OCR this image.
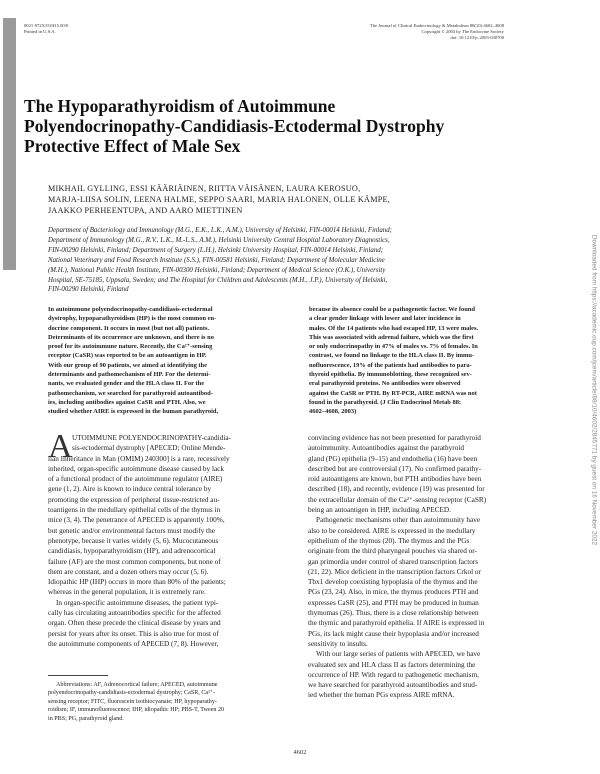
0021-972X/03/$15.00/0
Printed in U.S.A.
The Journal of Clinical Endocrinology & Metabolism 88(10):4602–4608
Copyright © 2003 by The Endocrine Society
doi: 10.1210/jc.2003-030700
The Hypoparathyroidism of Autoimmune
Polyendocrinopathy-Candidiasis-Ectodermal Dystrophy
Protective Effect of Male Sex
MIKHAIL GYLLING, ESSI KÄÄRIÄINEN, RIITTA VÄISÄNEN, LAURA KEROSUO,
MARJA-LIISA SOLIN, LEENA HALME, SEPPO SAARI, MARIA HALONEN, OLLE KÄMPE,
JAAKKO PERHEENTUPA, AND AARO MIETTINEN
Department of Bacteriology and Immunology (M.G., E.K., L.K., A.M.), University of Helsinki, FIN-00014 Helsinki, Finland;
Department of Immunology (M.G., R.V., L.K., M.-L.S., A.M.), Helsinki University Central Hospital Laboratory Diagnostics,
FIN-00290 Helsinki, Finland; Department of Surgery (L.H.), Helsinki University Hospital, FIN-00014 Helsinki, Finland;
National Veterinary and Food Research Institute (S.S.), FIN-00581 Helsinki, Finland; Department of Molecular Medicine
(M.H.), National Public Health Institute, FIN-00300 Helsinki, Finland; Department of Medical Science (O.K.), University
Hospital, SE-75185, Uppsala, Sweden; and The Hospital for Children and Adolescents (M.H., J.P.), University of Helsinki,
FIN-00290 Helsinki, Finland
In autoimmune polyendocrinopathy-candidiasis-ectodermal
dystrophy, hypoparathyroidism (HP) is the most common en-
docrine component. It occurs in most (but not all) patients.
Determinants of its occurrence are unknown, and there is no
proof for its autoimmune nature. Recently, the Ca²⁺-sensing
receptor (CaSR) was reported to be an autoantigen in HP.
With our group of 90 patients, we aimed at identifying the
determinants and pathomechanism of HP. For the determi-
nants, we evaluated gender and the HLA class II. For the
pathomechanism, we searched for parathyroid autoantibod-
ies, including antibodies against CaSR and PTH. Also, we
studied whether AIRE is expressed in the human parathyroid,
because its absence could be a pathogenetic factor. We found
a clear gender linkage with lower and later incidence in
males. Of the 14 patients who had escaped HP, 13 were males.
This was associated with adrenal failure, which was the first
or only endocrinopathy in 47% of males vs. 7% of females. In
contrast, we found no linkage to the HLA class II. By immu-
nofluorescence, 19% of the patients had antibodies to para-
thyroid epithelia. By immunoblotting, these recognized sev-
eral parathyroid proteins. No antibodies were observed
against the CaSR or PTH. By RT-PCR, AIRE mRNA was not
found in the parathyroid. (J Clin Endocrinol Metab 88:
4602–4608, 2003)
A UTOIMMUNE POLYENDOCRINOPATHY-candidia-
sis-ectodermal dystrophy [APECED; Online Mende-
lian Inheritance in Man (OMIM) 240300] is a rare, recessively
inherited, organ-specific autoimmune disease caused by lack
of a functional product of the autoimmune regulator (AIRE)
gene (1, 2). Aire is known to induce central tolerance by
promoting the expression of peripheral tissue-restricted au-
toantigens in the medullary epithelial cells of the thymus in
mice (3, 4). The penetrance of APECED is apparently 100%,
but genetic and/or environmental factors must modify the
phenotype, because it varies widely (5, 6). Mucocutaneous
candidiasis, hypoparathyroidism (HP), and adrenocortical
failure (AF) are the most common components, but none of
them are constant, and a dozen others may occur (5, 6).
Idiopathic HP (IHP) occurs in more than 80% of the patients;
whereas in the general population, it is extremely rare.
In organ-specific autoimmune diseases, the patient typi-
cally has circulating autoantibodies specific for the affected
organ. Often these precede the clinical disease by years and
persist for years after its onset. This is also true for most of
the autoimmune components of APECED (7, 8). However,
convincing evidence has not been presented for parathyroid
autoimmunity. Autoantibodies against the parathyroid
gland (PG) epithelia (9–15) and endothelia (16) have been
described but are controversial (17). No confirmed parathy-
roid autoantigens are known, but PTH antibodies have been
described (18), and recently, evidence (19) was presented for
the extracellular domain of the Ca²⁺-sensing receptor (CaSR)
being an autoantigen in IHP, including APECED.
Pathogenetic mechanisms other than autoimmunity have
also to be considered. AIRE is expressed in the medullary
epithelium of the thymus (20). The thymus and the PGs
originate from the third pharyngeal pouches via shared or-
gan primordia under control of shared transcription factors
(21, 22). Mice deficient in the transcription factors Crkol or
Tbx1 develop coexisting hypoplasia of the thymus and the
PGs (23, 24). Also, in mice, the thymus produces PTH and
expresses CaSR (25), and PTH may be produced in human
thymomas (26). Thus, there is a close relationship between
the thymic and parathyroid epithelia. If AIRE is expressed in
PGs, its lack might cause their hypoplasia and/or increased
sensitivity to insults.
With our large series of patients with APECED, we have
evaluated sex and HLA class II as factors determining the
occurrence of HP. With regard to pathogenetic mechanism,
we have searched for parathyroid autoantibodies and stud-
ied whether the human PGs express AIRE mRNA.
Abbreviations: AF, Adrenocortical failure; APECED, autoimmune
polyendocrinopathy-candidiasis-ectodermal dystrophy; CaSR, Ca²⁺-
sensing receptor; FITC, fluorescein isothiocyanate; HP, hypoparathy-
roidism; IF, immunofluorescence; IHP, idiopathic HP; PBS-T, Tween 20
in PBS; PG, parathyroid gland.
4602
Downloaded from https://academic.oup.com/jcem/article/88/10/4602/2845771 by guest on 16 November 2022
